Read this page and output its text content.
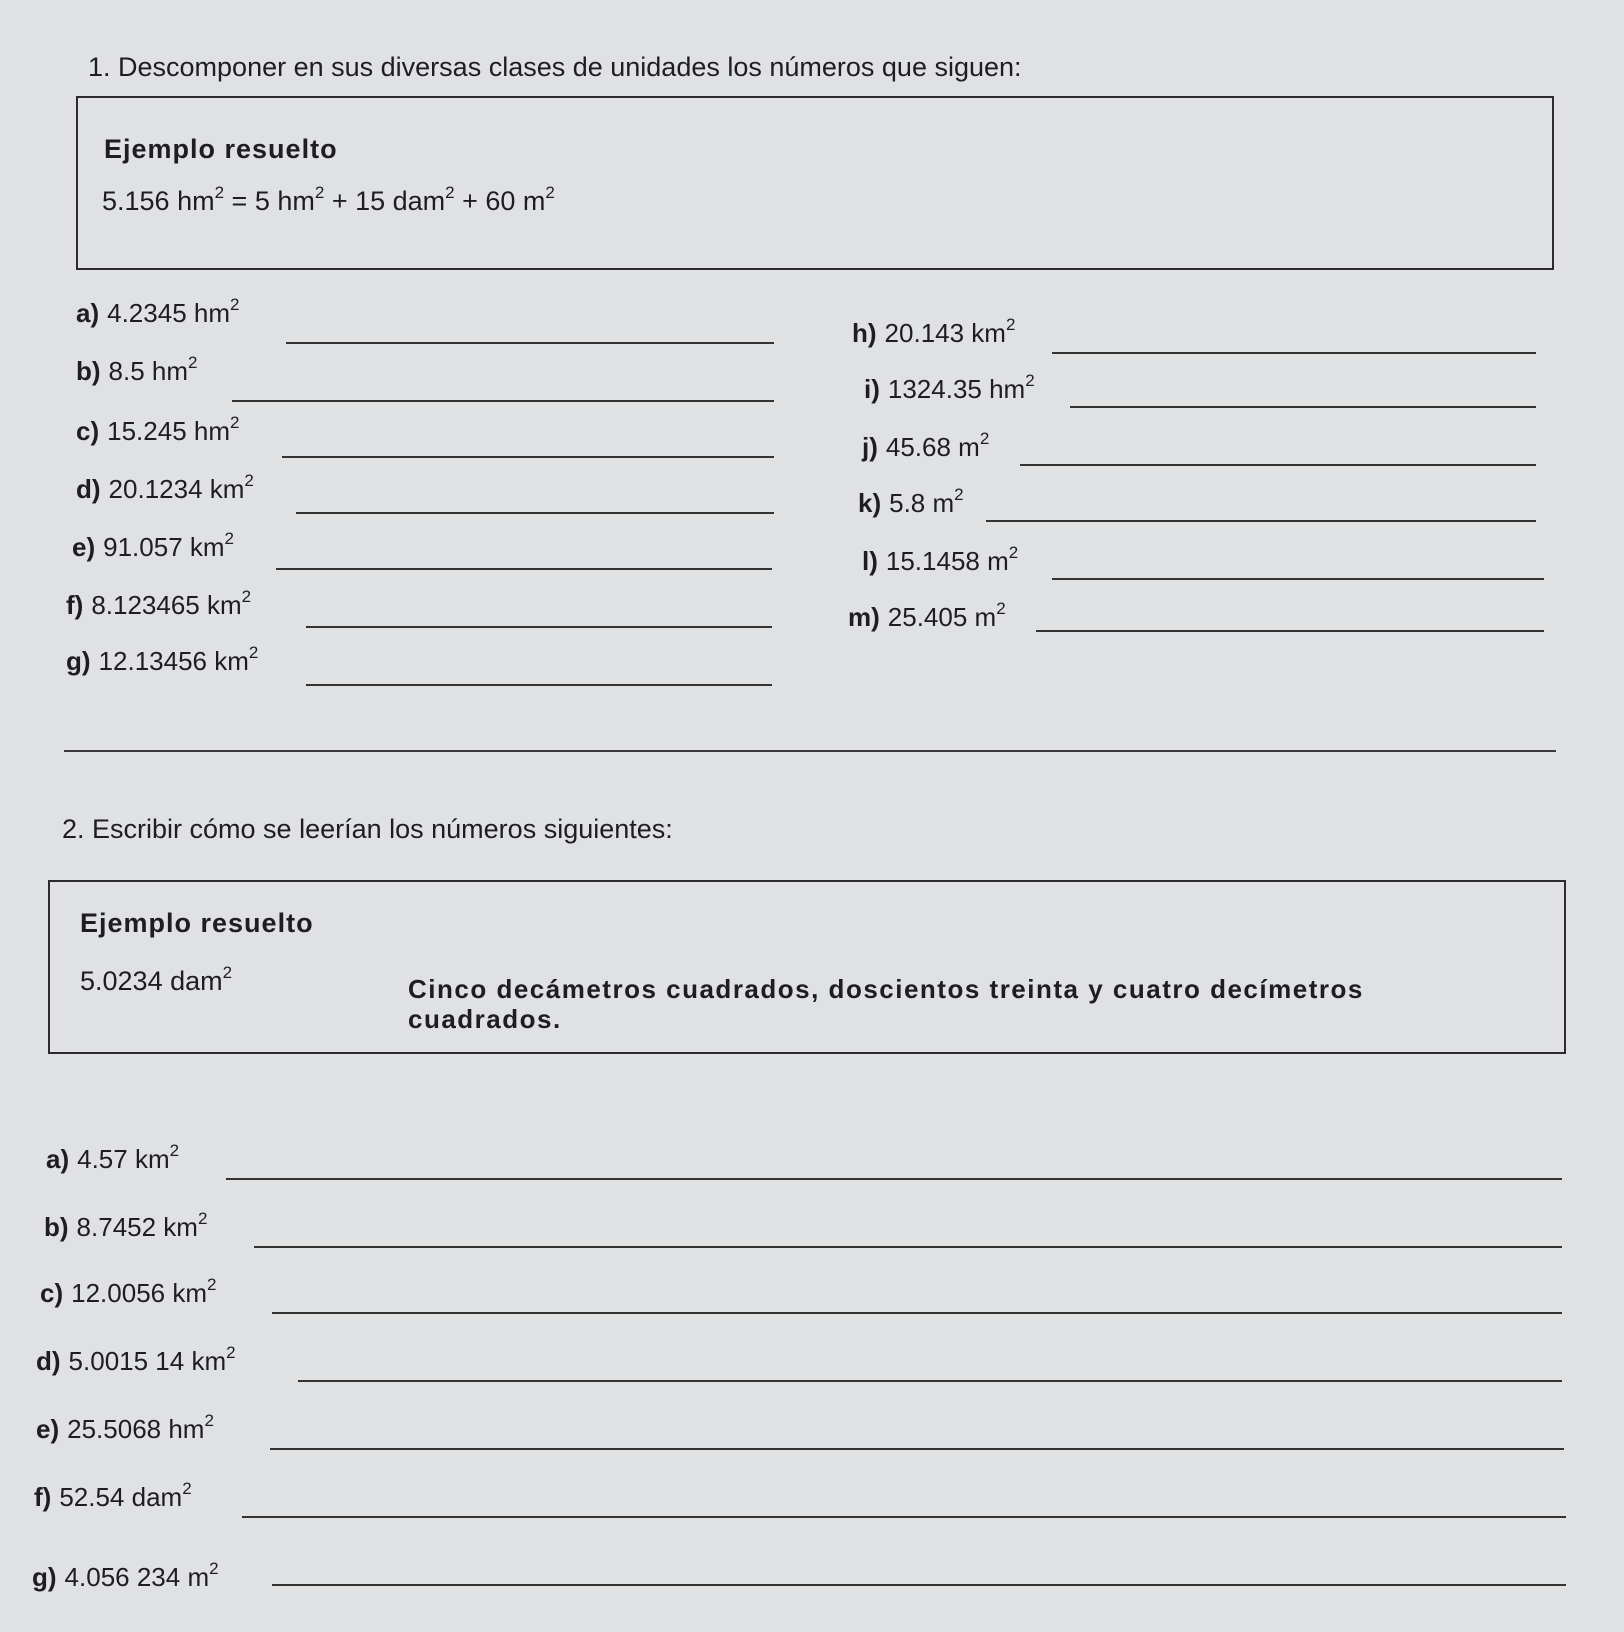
1. Descomponer en sus diversas clases de unidades los números que siguen:
Ejemplo resuelto
5.156 $hm^2 = 5$ $hm^2 + 15$ dam$^2$ + 60 $m^2$
a) 4.2345 $hm^2$
b) 8.5 $hm^2$
c) 15.245 $hm^2$
d) 20.1234 $km^2$
e) 91.057 $km^2$
f) 8.123465 $km^2$
g) 12.13456 $km^2$
h) 20.143 $km^2$
i) 1324.35 $hm^2$
j) 45.68 $m^2$
k) 5.8 $m^2$
l) 15.1458 $m^2$
m) 25.405 $m^2$
2. Escribir cómo se leerían los números siguientes:
Ejemplo resuelto
5.0234 dam$^2$
Cinco decámetros cuadrados, doscientos treinta y cuatro decímetros cuadrados.
a) 4.57 $km^2$
b) 8.7452 $km^2$
c) 12.0056 $km^2$
d) 5.0015 14 $km^2$
e) 25.5068 $hm^2$
f) 52.54 dam$^2$
g) 4.056 234 $m^2$
